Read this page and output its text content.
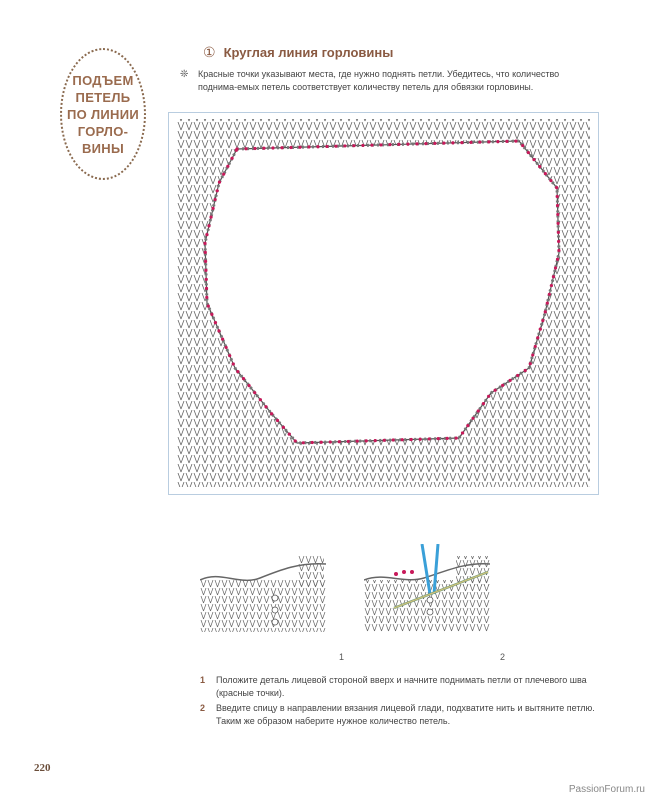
ПОДЪЕМ
ПЕТЕЛЬ
ПО ЛИНИИ
ГОРЛО-
ВИНЫ
① Круглая линия горловины
❊	Красные точки указывают места, где нужно поднять петли. Убедитесь, что количество поднима-емых петель соответствует количеству петель для обвязки горловины.
1	2
1 Положите деталь лицевой стороной вверх и начните поднимать петли от плечевого шва (красные точки).
2 Введите спицу в направлении вязания лицевой глади, подхватите нить и вытяните петлю. Таким же образом наберите нужное количество петель.
220
PassionForum.ru
